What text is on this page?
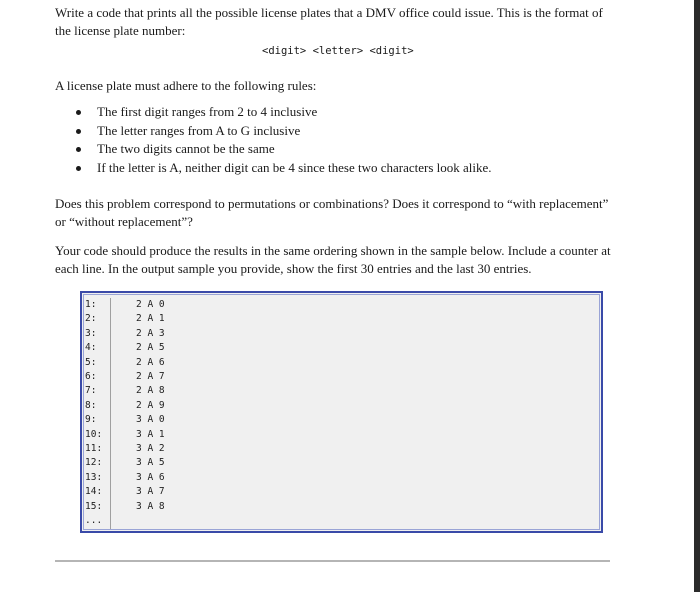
Write a code that prints all the possible license plates that a DMV office could issue. This is the format of the license plate number:
<digit> <letter> <digit>
A license plate must adhere to the following rules:
The first digit ranges from 2 to 4 inclusive
The letter ranges from A to G inclusive
The two digits cannot be the same
If the letter is A, neither digit can be 4 since these two characters look alike.
Does this problem correspond to permutations or combinations? Does it correspond to “with replacement” or “without replacement”?
Your code should produce the results in the same ordering shown in the sample below. Include a counter at each line. In the output sample you provide, show the first 30 entries and the last 30 entries.
1:
2:
3:
4:
5:
6:
7:
8:
9:
10:
11:
12:
13:
14:
15:
...
2 A 0
2 A 1
2 A 3
2 A 5
2 A 6
2 A 7
2 A 8
2 A 9
3 A 0
3 A 1
3 A 2
3 A 5
3 A 6
3 A 7
3 A 8
